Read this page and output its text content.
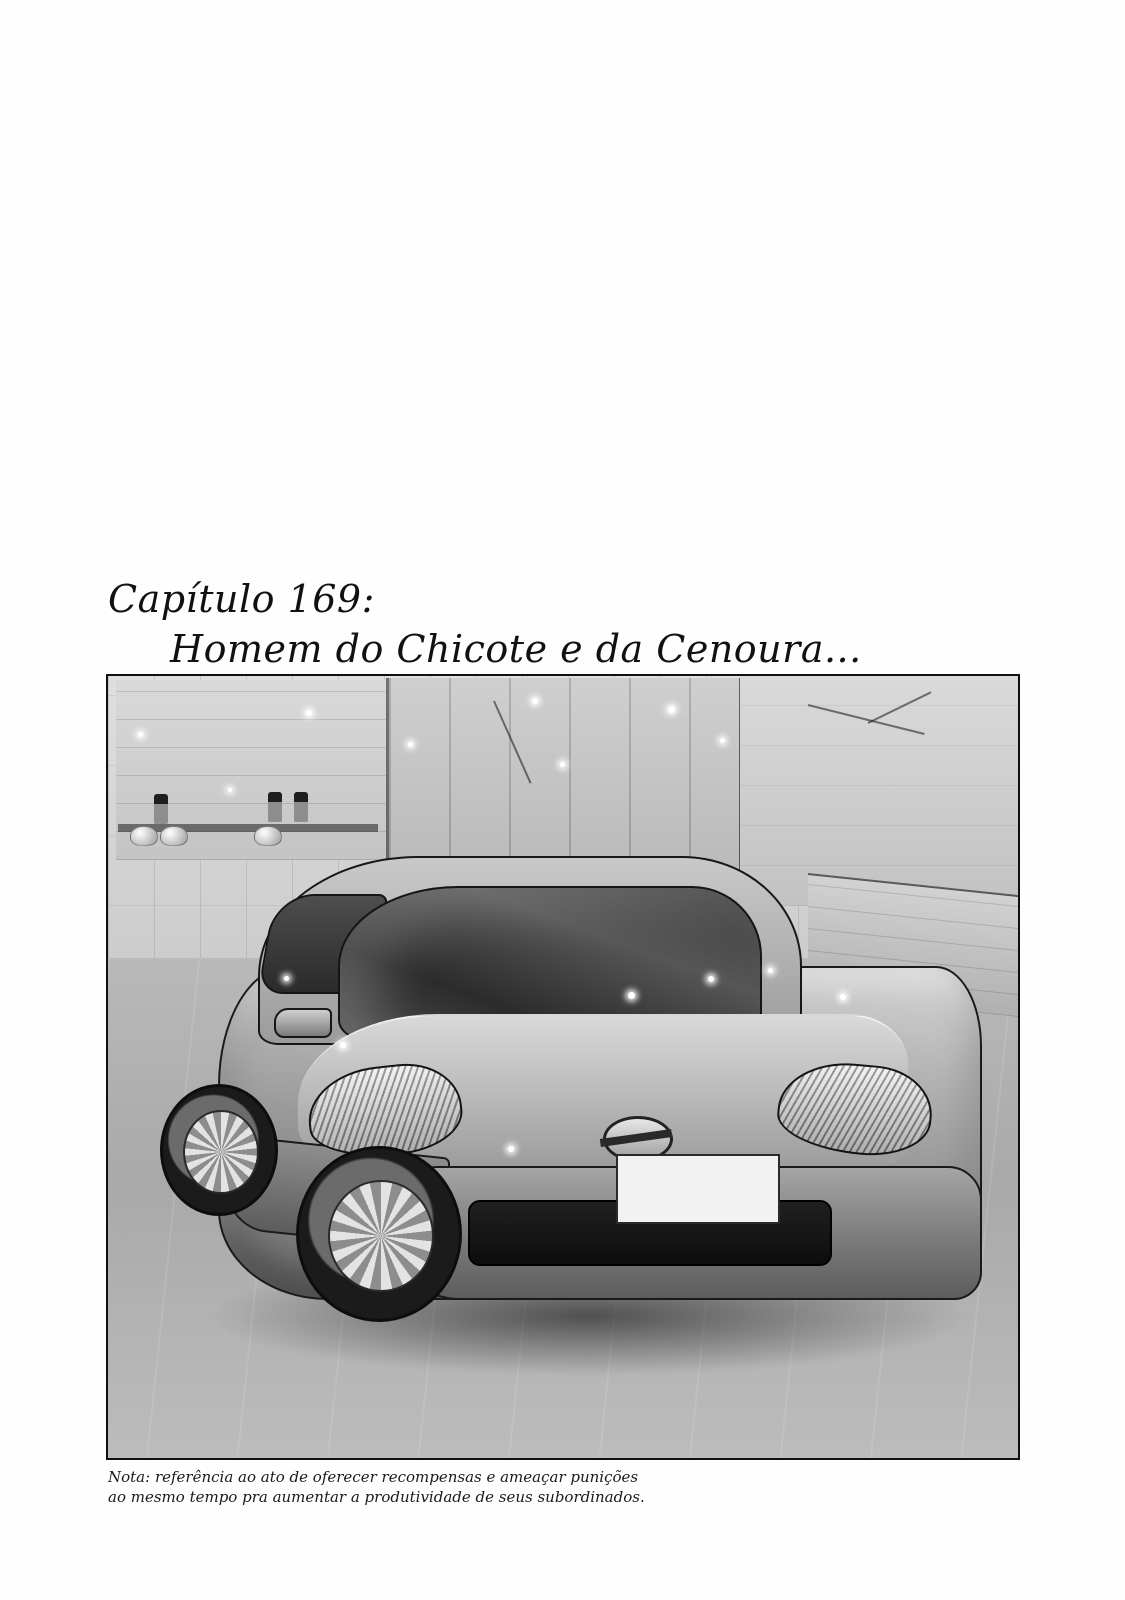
Capítulo 169:
Homem do Chicote e da Cenoura...
Nota: referência ao ato de oferecer recompensas e ameaçar punições
ao mesmo tempo pra aumentar a produtividade de seus subordinados.
